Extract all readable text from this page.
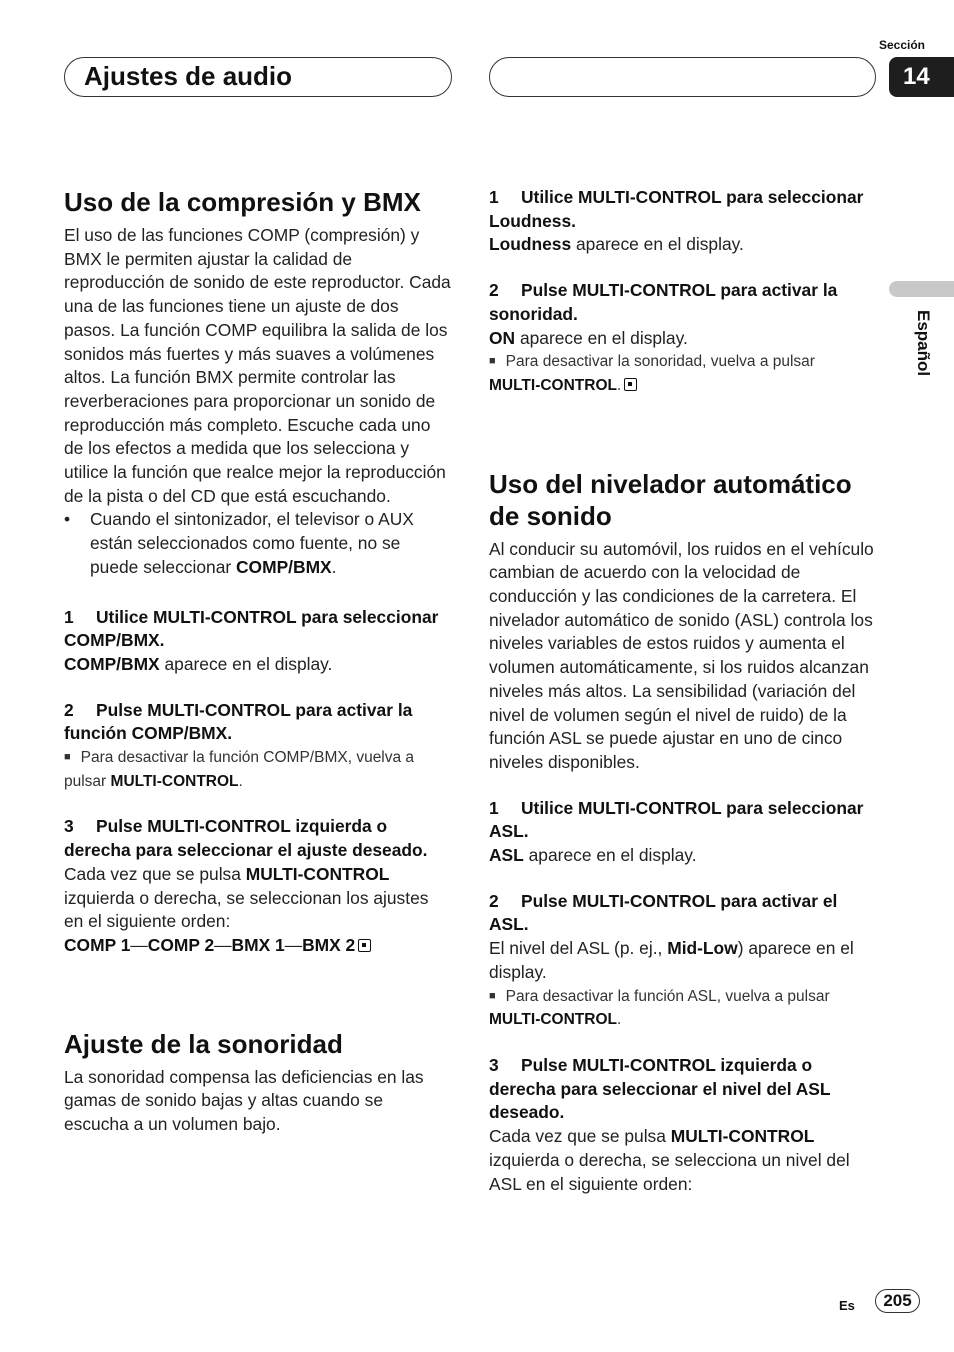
Ajustes de audio
Sección
14
Español
Uso de la compresión y BMX

El uso de las funciones COMP (compresión) y BMX le permiten ajustar la calidad de reproducción de sonido de este reproductor. Cada una de las funciones tiene un ajuste de dos pasos. La función COMP equilibra la salida de los sonidos más fuertes y más suaves a volúmenes altos. La función BMX permite controlar las reverberaciones para proporcionar un sonido de reproducción más completo. Escuche cada uno de los efectos a medida que los selecciona y utilice la función que realce mejor la reproducción de la pista o del CD que está escuchando.

• Cuando el sintonizador, el televisor o AUX están seleccionados como fuente, no se puede seleccionar COMP/BMX.

1 Utilice MULTI-CONTROL para seleccionar COMP/BMX.

COMP/BMX aparece en el display.

2 Pulse MULTI-CONTROL para activar la función COMP/BMX.

■ Para desactivar la función COMP/BMX, vuelva a pulsar MULTI-CONTROL.

3 Pulse MULTI-CONTROL izquierda o derecha para seleccionar el ajuste deseado.

Cada vez que se pulsa MULTI-CONTROL izquierda o derecha, se seleccionan los ajustes en el siguiente orden:

COMP 1—COMP 2—BMX 1—BMX 2

Ajuste de la sonoridad

La sonoridad compensa las deficiencias en las gamas de sonido bajas y altas cuando se escucha a un volumen bajo.

1 Utilice MULTI-CONTROL para seleccionar Loudness.

Loudness aparece en el display.

2 Pulse MULTI-CONTROL para activar la sonoridad.

ON aparece en el display.

■ Para desactivar la sonoridad, vuelva a pulsar
MULTI-CONTROL.

Uso del nivelador automático de sonido

Al conducir su automóvil, los ruidos en el vehículo cambian de acuerdo con la velocidad de conducción y las condiciones de la carretera. El nivelador automático de sonido (ASL) controla los niveles variables de estos ruidos y aumenta el volumen automáticamente, si los ruidos alcanzan niveles más altos. La sensibilidad (variación del nivel de volumen según el nivel de ruido) de la función ASL se puede ajustar en uno de cinco niveles disponibles.

1 Utilice MULTI-CONTROL para seleccionar ASL.

ASL aparece en el display.

2 Pulse MULTI-CONTROL para activar el ASL.

El nivel del ASL (p. ej., Mid-Low) aparece en el display.

■ Para desactivar la función ASL, vuelva a pulsar MULTI-CONTROL.

3 Pulse MULTI-CONTROL izquierda o derecha para seleccionar el nivel del ASL deseado.

Cada vez que se pulsa MULTI-CONTROL izquierda o derecha, se selecciona un nivel del ASL en el siguiente orden:

Es	205
